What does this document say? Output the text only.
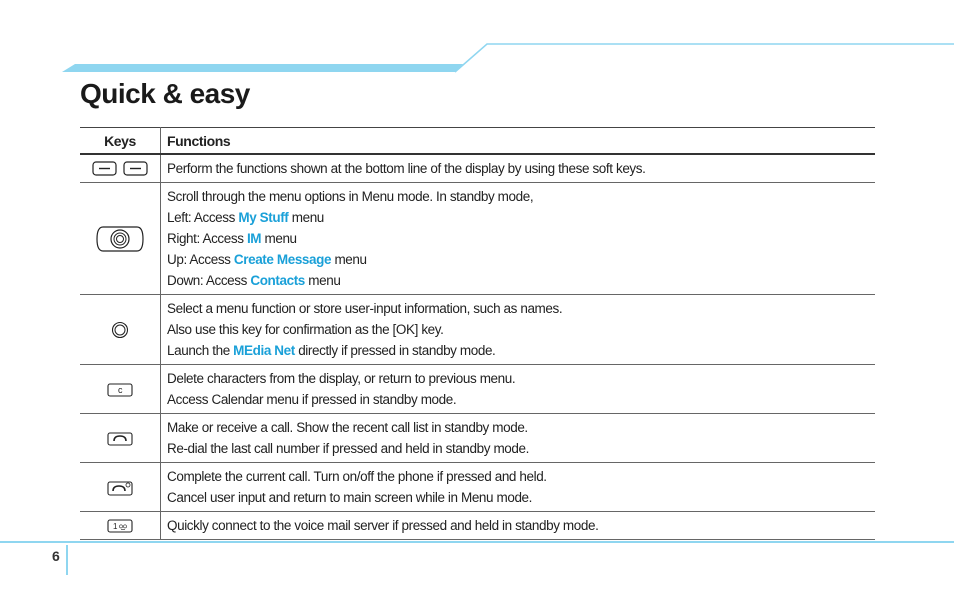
Quick & easy
Keys	Functions

Perform the functions shown at the bottom line of the display by using these soft keys.

Scroll through the menu options in Menu mode. In standby mode,
Left: Access My Stuff menu
Right: Access IM menu
Up: Access Create Message menu
Down: Access Contacts menu

Select a menu function or store user-input information, such as names.
Also use this key for confirmation as the [OK] key.
Launch the MEdia Net directly if pressed in standby mode.

c	Delete characters from the display, or return to previous menu.
Access Calendar menu if pressed in standby mode.

Make or receive a call. Show the recent call list in standby mode.
Re-dial the last call number if pressed and held in standby mode.

Complete the current call. Turn on/off the phone if pressed and held.
Cancel user input and return to main screen while in Menu mode.

1	Quickly connect to the voice mail server if pressed and held in standby mode.
6
